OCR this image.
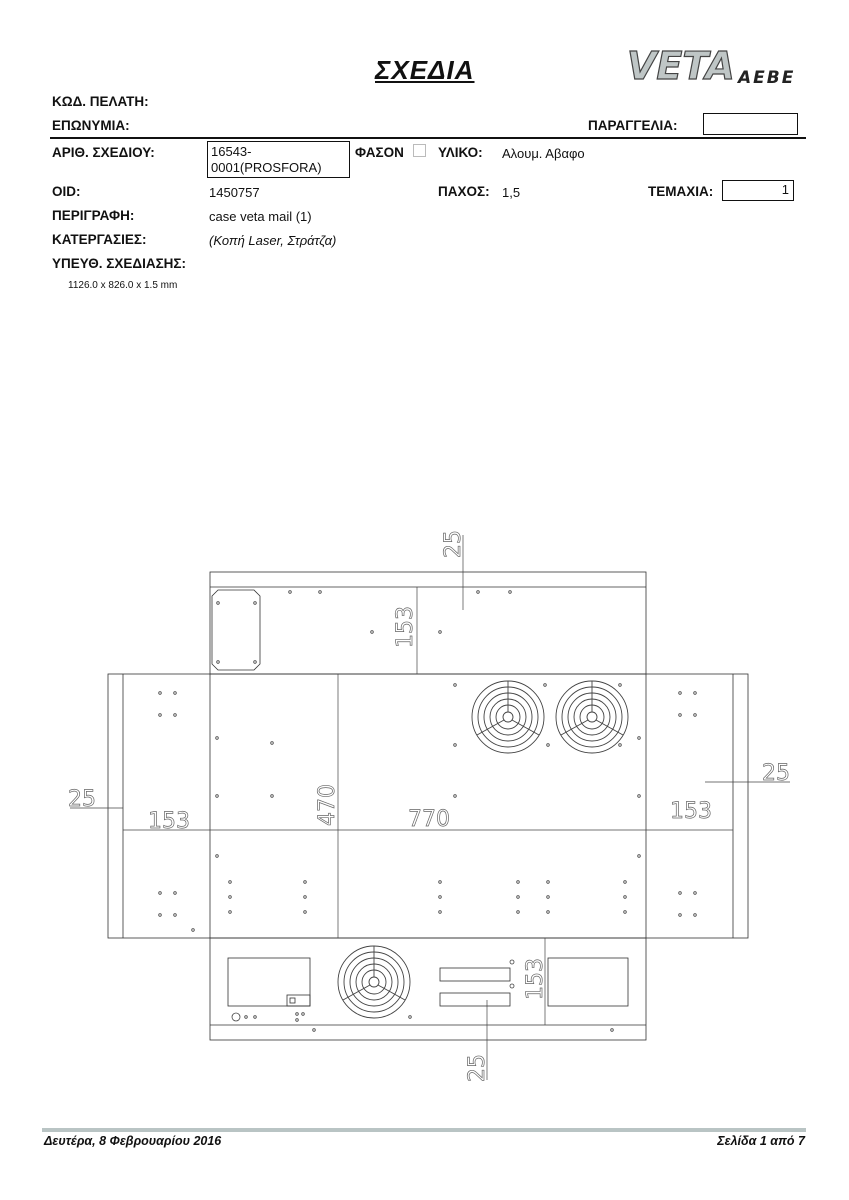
ΣΧΕΔΙΑ	VETA AEBE
ΚΩΔ. ΠΕΛΑΤΗ:
ΕΠΩΝΥΜΙΑ:	ΠΑΡΑΓΓΕΛΙΑ:
ΑΡΙΘ. ΣΧΕΔΙΟΥ:	16543-
0001(PROSFORA)
ΦΑΣΟΝ	ΥΛΙΚΟ: Αλουμ. Αβαφο
OID:	1450757	ΠΑΧΟΣ: 1,5	ΤΕΜΑΧΙΑ:	1
ΠΕΡΙΓΡΑΦΗ:	case veta mail (1)
ΚΑΤΕΡΓΑΣΙΕΣ:	(Κοπή Laser, Στράτζα)
ΥΠΕΥΘ. ΣΧΕΔΙΑΣΗΣ:
1126.0 x 826.0 x 1.5 mm
25
153
25
153	470	770	153
25
153
25
Δευτέρα, 8 Φεβρουαρίου 2016	Σελίδα 1 από 7
